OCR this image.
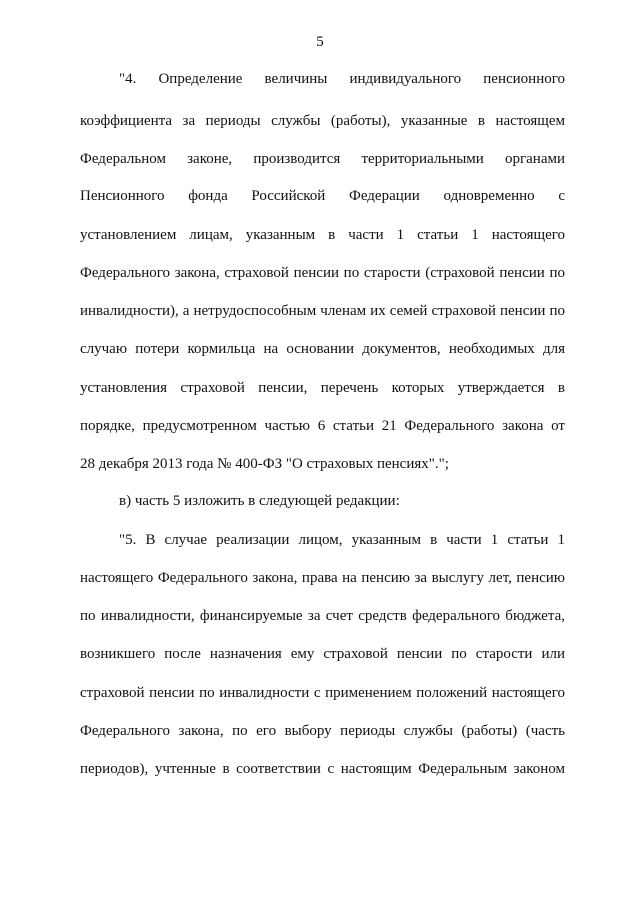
5
"4. Определение величины индивидуального пенсионного
коэффициента за периоды службы (работы), указанные в настоящем
Федеральном законе, производится территориальными органами
Пенсионного фонда Российской Федерации одновременно с
установлением лицам, указанным в части 1 статьи 1 настоящего
Федерального закона, страховой пенсии по старости (страховой пенсии по
инвалидности), а нетрудоспособным членам их семей страховой пенсии по
случаю потери кормильца на основании документов, необходимых для
установления страховой пенсии, перечень которых утверждается в
порядке, предусмотренном частью 6 статьи 21 Федерального закона от
28 декабря 2013 года № 400-ФЗ "О страховых пенсиях".";
в) часть 5 изложить в следующей редакции:
"5. В случае реализации лицом, указанным в части 1 статьи 1
настоящего Федерального закона, права на пенсию за выслугу лет, пенсию
по инвалидности, финансируемые за счет средств федерального бюджета,
возникшего после назначения ему страховой пенсии по старости или
страховой пенсии по инвалидности с применением положений настоящего
Федерального закона, по его выбору периоды службы (работы) (часть
периодов), учтенные в соответствии с настоящим Федеральным законом
